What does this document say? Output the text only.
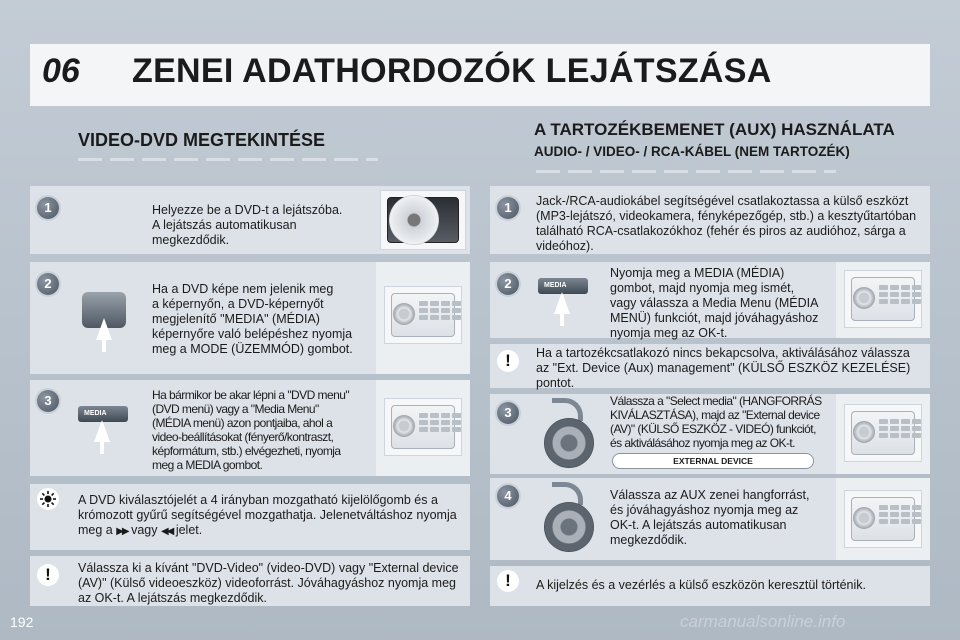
06 ZENEI ADATHORDOZÓK LEJÁTSZÁSA
VIDEO-DVD MEGTEKINTÉSE
1	Helyezze be a DVD-t a lejátszóba.
A lejátszás automatikusan
megkezdődik.
2	Ha a DVD képe nem jelenik meg
a képernyőn, a DVD-képernyőt
megjelenítő "MEDIA" (MÉDIA)
képernyőre való belépéshez nyomja
meg a MODE (ÜZEMMÓD) gombot.
3
MEDIA
Ha bármikor be akar lépni a "DVD menu"
(DVD menü) vagy a "Media Menu"
(MÉDIA menü) azon pontjaiba, ahol a
video-beállításokat (fényerő/kontraszt,
képformátum, stb.) elvégezheti, nyomja
meg a MEDIA gombot.
A DVD kiválasztójelét a 4 irányban mozgatható kijelölőgomb és a
krómozott gyűrű segítségével mozgathatja. Jelenetváltáshoz nyomja
meg a ▶▶ vagy ◀◀ jelet.
!	Válassza ki a kívánt "DVD-Video" (video-DVD) vagy "External device
(AV)" (Külső videoeszköz) videoforrást. Jóváhagyáshoz nyomja meg
az OK-t. A lejátszás megkezdődik.
A TARTOZÉKBEMENET (AUX) HASZNÁLATA
AUDIO- / VIDEO- / RCA-KÁBEL (NEM TARTOZÉK)
1	Jack-/RCA-audiokábel segítségével csatlakoztassa a külső eszközt
(MP3-lejátszó, videokamera, fényképezőgép, stb.) a kesztyűtartóban
található RCA-csatlakozókhoz (fehér és piros az audióhoz, sárga a
videóhoz).
2	MEDIA
Nyomja meg a MEDIA (MÉDIA)
gombot, majd nyomja meg ismét,
vagy válassza a Media Menu (MÉDIA
MENÜ) funkciót, majd jóváhagyáshoz
nyomja meg az OK-t.
!	Ha a tartozékcsatlakozó nincs bekapcsolva, aktiválásához válassza
az "Ext. Device (Aux) management" (KÜLSŐ ESZKÖZ KEZELÉSE)
pontot.
3
Válassza a "Select media" (HANGFORRÁS
KIVÁLASZTÁSA), majd az "External device
(AV)" (KÜLSŐ ESZKÖZ - VIDEÓ) funkciót,
és aktiválásához nyomja meg az OK-t.
EXTERNAL DEVICE
4	Válassza az AUX zenei hangforrást,
és jóváhagyáshoz nyomja meg az
OK-t. A lejátszás automatikusan
megkezdődik.
!	A kijelzés és a vezérlés a külső eszközön keresztül történik.
192	carmanualsonline.info
